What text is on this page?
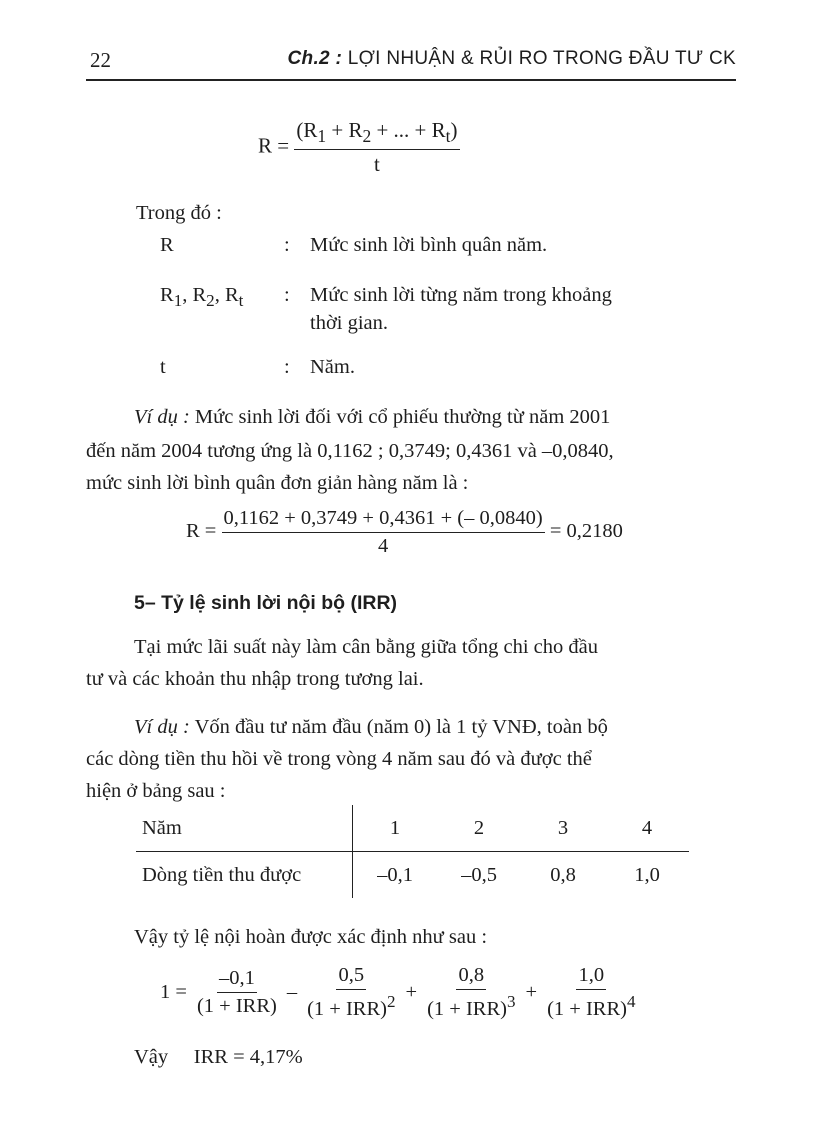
22	Ch.2 : LỢI NHUẬN & RỦI RO TRONG ĐẦU TƯ CK
$R = \frac{(R_1 + R_2 + ... + R_t)}{t}$
Trong đó :
R	: Mức sinh lời bình quân năm.
$R_1$, $R_2$, $R_t$ : Mức sinh lời từng năm trong khoảng
thời gian.
t	: Năm.
Ví dụ : Mức sinh lời đối với cổ phiếu thường từ năm 2001
đến năm 2004 tương ứng là 0,1162 ; 0,3749; 0,4361 và –0,0840,
mức sinh lời bình quân đơn giản hàng năm là :
$R = \frac{0,1162 + 0,3749 + 0,4361 + (- 0,0840)}{4} = 0,2180$
5– Tỷ lệ sinh lời nội bộ (IRR)
Tại mức lãi suất này làm cân bằng giữa tổng chi cho đầu
tư và các khoản thu nhập trong tương lai.
Ví dụ : Vốn đầu tư năm đầu (năm 0) là 1 tỷ VNĐ, toàn bộ
các dòng tiền thu hồi về trong vòng 4 năm sau đó và được thể
hiện ở bảng sau :
Năm	1	2	3	4
Dòng tiền thu được	–0,1	–0,5	0,8	1,0
Vậy tỷ lệ nội hoàn được xác định như sau :
$1 = \frac{-0,1}{\text{(1 + IRR)}} - \frac{0,5}{(1 + IRR)^2} + \frac{0,8}{(1 + IRR)^3} + \frac{1,0}{(1 + IRR)^4}$
Vậy IRR = 4,17%
